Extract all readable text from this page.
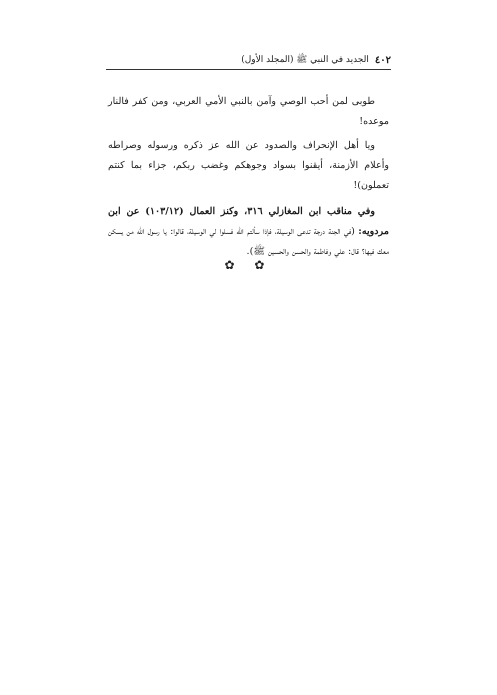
٤٠٢
الجديد في النبي ﷺ (المجلد الأول)

طوبى لمن أحب الوصي وآمن بالنبي الأمي العربي، ومن كفر فالنار موعده!

ويا أهل الإنحراف والصدود عن الله عز ذكره ورسوله وصراطه وأعلام الأزمنة، أيقنوا بسواد وجوهكم وغضب ربكم، جزاء بما كنتم تعملون)!

وفي مناقب ابن المغازلي ٣١٦، وكنز العمال (١٠٣/١٢) عن ابن مردويه: (في الجنة درجة تدعى الوسيلة، فإذا سألتم الله فسلوا لي الوسيلة، قالوا: يا رسول الله من يسكن معك فيها؟ قال: علي وفاطمة والحسن والحسين ﷺ).

✿ ✿
